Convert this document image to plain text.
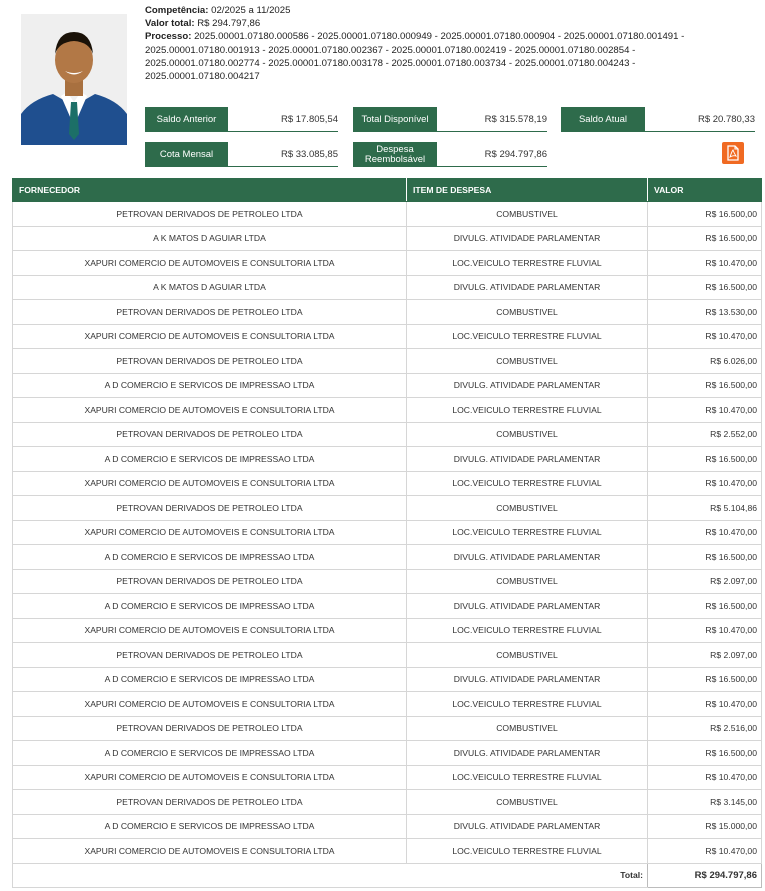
Competência: 02/2025 a 11/2025
Valor total: R$ 294.797,86
Processo: 2025.00001.07180.000586 - 2025.00001.07180.000949 - 2025.00001.07180.000904 - 2025.00001.07180.001491 - 2025.00001.07180.001913 - 2025.00001.07180.002367 - 2025.00001.07180.002419 - 2025.00001.07180.002854 - 2025.00001.07180.002774 - 2025.00001.07180.003178 - 2025.00001.07180.003734 - 2025.00001.07180.004243 - 2025.00001.07180.004217
Saldo Anterior	R$ 17.805,54	Total Disponível	R$ 315.578,19	Saldo Atual	R$ 20.780,33
Cota Mensal	R$ 33.085,85	Despesa
Reembolsável	R$ 294.797,86
FORNECEDOR	ITEM DE DESPESA	VALOR
PETROVAN DERIVADOS DE PETROLEO LTDA	COMBUSTIVEL	R$ 16.500,00
A K MATOS D AGUIAR LTDA	DIVULG. ATIVIDADE PARLAMENTAR	R$ 16.500,00
XAPURI COMERCIO DE AUTOMOVEIS E CONSULTORIA LTDA	LOC.VEICULO TERRESTRE FLUVIAL	R$ 10.470,00
A K MATOS D AGUIAR LTDA	DIVULG. ATIVIDADE PARLAMENTAR	R$ 16.500,00
PETROVAN DERIVADOS DE PETROLEO LTDA	COMBUSTIVEL	R$ 13.530,00
XAPURI COMERCIO DE AUTOMOVEIS E CONSULTORIA LTDA	LOC.VEICULO TERRESTRE FLUVIAL	R$ 10.470,00
PETROVAN DERIVADOS DE PETROLEO LTDA	COMBUSTIVEL	R$ 6.026,00
A D COMERCIO E SERVICOS DE IMPRESSAO LTDA	DIVULG. ATIVIDADE PARLAMENTAR	R$ 16.500,00
XAPURI COMERCIO DE AUTOMOVEIS E CONSULTORIA LTDA	LOC.VEICULO TERRESTRE FLUVIAL	R$ 10.470,00
PETROVAN DERIVADOS DE PETROLEO LTDA	COMBUSTIVEL	R$ 2.552,00
A D COMERCIO E SERVICOS DE IMPRESSAO LTDA	DIVULG. ATIVIDADE PARLAMENTAR	R$ 16.500,00
XAPURI COMERCIO DE AUTOMOVEIS E CONSULTORIA LTDA	LOC.VEICULO TERRESTRE FLUVIAL	R$ 10.470,00
PETROVAN DERIVADOS DE PETROLEO LTDA	COMBUSTIVEL	R$ 5.104,86
XAPURI COMERCIO DE AUTOMOVEIS E CONSULTORIA LTDA	LOC.VEICULO TERRESTRE FLUVIAL	R$ 10.470,00
A D COMERCIO E SERVICOS DE IMPRESSAO LTDA	DIVULG. ATIVIDADE PARLAMENTAR	R$ 16.500,00
PETROVAN DERIVADOS DE PETROLEO LTDA	COMBUSTIVEL	R$ 2.097,00
A D COMERCIO E SERVICOS DE IMPRESSAO LTDA	DIVULG. ATIVIDADE PARLAMENTAR	R$ 16.500,00
XAPURI COMERCIO DE AUTOMOVEIS E CONSULTORIA LTDA	LOC.VEICULO TERRESTRE FLUVIAL	R$ 10.470,00
PETROVAN DERIVADOS DE PETROLEO LTDA	COMBUSTIVEL	R$ 2.097,00
A D COMERCIO E SERVICOS DE IMPRESSAO LTDA	DIVULG. ATIVIDADE PARLAMENTAR	R$ 16.500,00
XAPURI COMERCIO DE AUTOMOVEIS E CONSULTORIA LTDA	LOC.VEICULO TERRESTRE FLUVIAL	R$ 10.470,00
PETROVAN DERIVADOS DE PETROLEO LTDA	COMBUSTIVEL	R$ 2.516,00
A D COMERCIO E SERVICOS DE IMPRESSAO LTDA	DIVULG. ATIVIDADE PARLAMENTAR	R$ 16.500,00
XAPURI COMERCIO DE AUTOMOVEIS E CONSULTORIA LTDA	LOC.VEICULO TERRESTRE FLUVIAL	R$ 10.470,00
PETROVAN DERIVADOS DE PETROLEO LTDA	COMBUSTIVEL	R$ 3.145,00
A D COMERCIO E SERVICOS DE IMPRESSAO LTDA	DIVULG. ATIVIDADE PARLAMENTAR	R$ 15.000,00
XAPURI COMERCIO DE AUTOMOVEIS E CONSULTORIA LTDA	LOC.VEICULO TERRESTRE FLUVIAL	R$ 10.470,00
Total:		R$ 294.797,86
